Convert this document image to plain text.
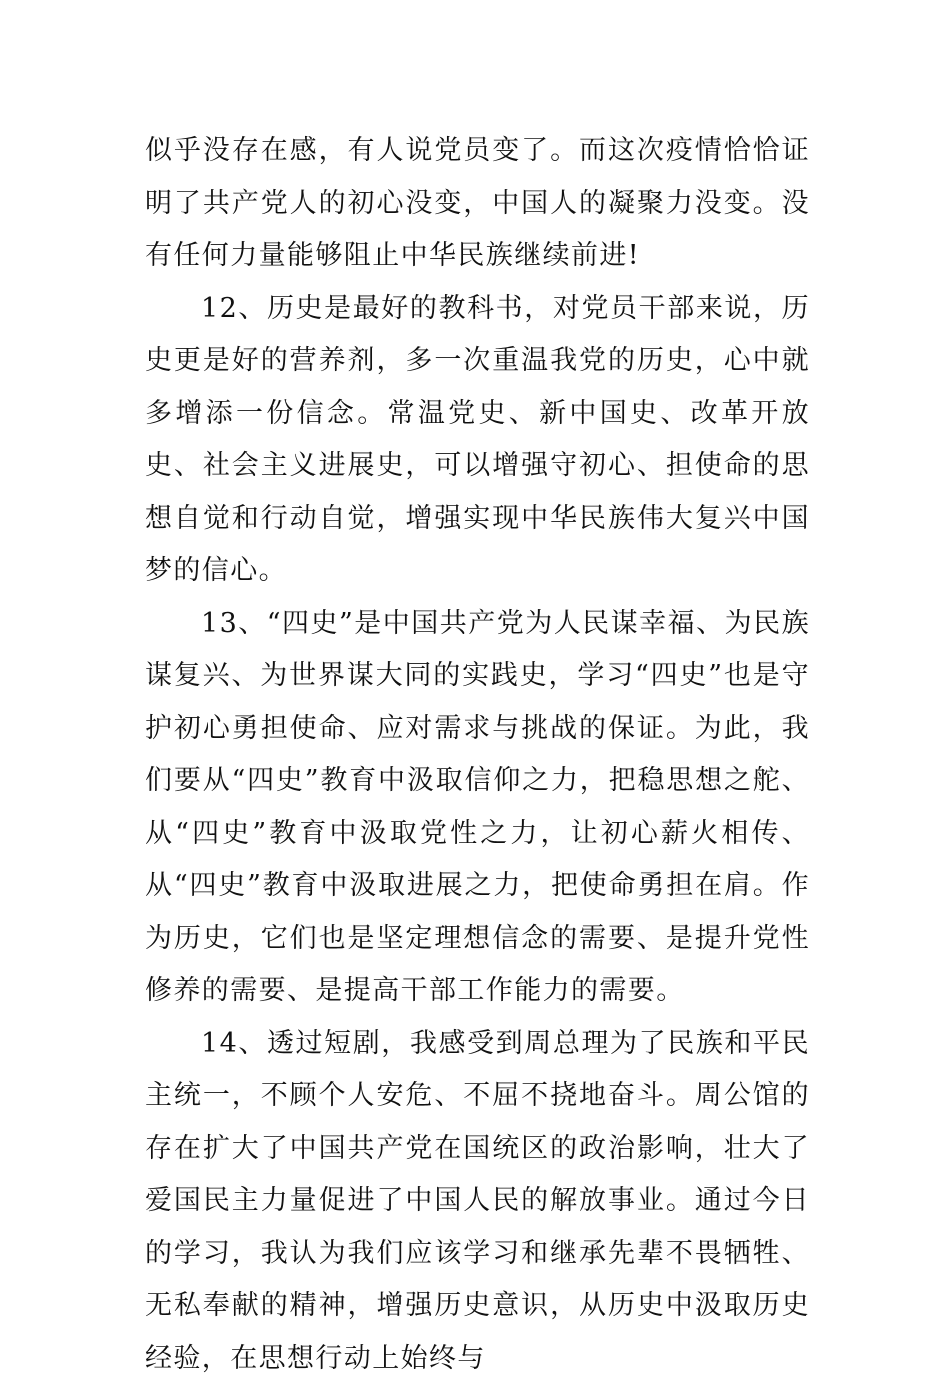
似乎没存在感，有人说党员变了。而这次疫情恰恰证明了共产党人的初心没变，中国人的凝聚力没变。没有任何力量能够阻止中华民族继续前进!

12、历史是最好的教科书，对党员干部来说，历史更是好的营养剂，多一次重温我党的历史，心中就多增添一份信念。常温党史、新中国史、改革开放史、社会主义进展史，可以增强守初心、担使命的思想自觉和行动自觉，增强实现中华民族伟大复兴中国梦的信心。

13、“四史”是中国共产党为人民谋幸福、为民族谋复兴、为世界谋大同的实践史，学习“四史”也是守护初心勇担使命、应对需求与挑战的保证。为此，我们要从“四史”教育中汲取信仰之力，把稳思想之舵、从“四史”教育中汲取党性之力，让初心薪火相传、从“四史”教育中汲取进展之力，把使命勇担在肩。作为历史，它们也是坚定理想信念的需要、是提升党性修养的需要、是提高干部工作能力的需要。

14、透过短剧，我感受到周总理为了民族和平民主统一，不顾个人安危、不屈不挠地奋斗。周公馆的存在扩大了中国共产党在国统区的政治影响，壮大了爱国民主力量促进了中国人民的解放事业。通过今日的学习，我认为我们应该学习和继承先辈不畏牺牲、无私奉献的精神，增强历史意识，从历史中汲取历史经验，在思想行动上始终与
